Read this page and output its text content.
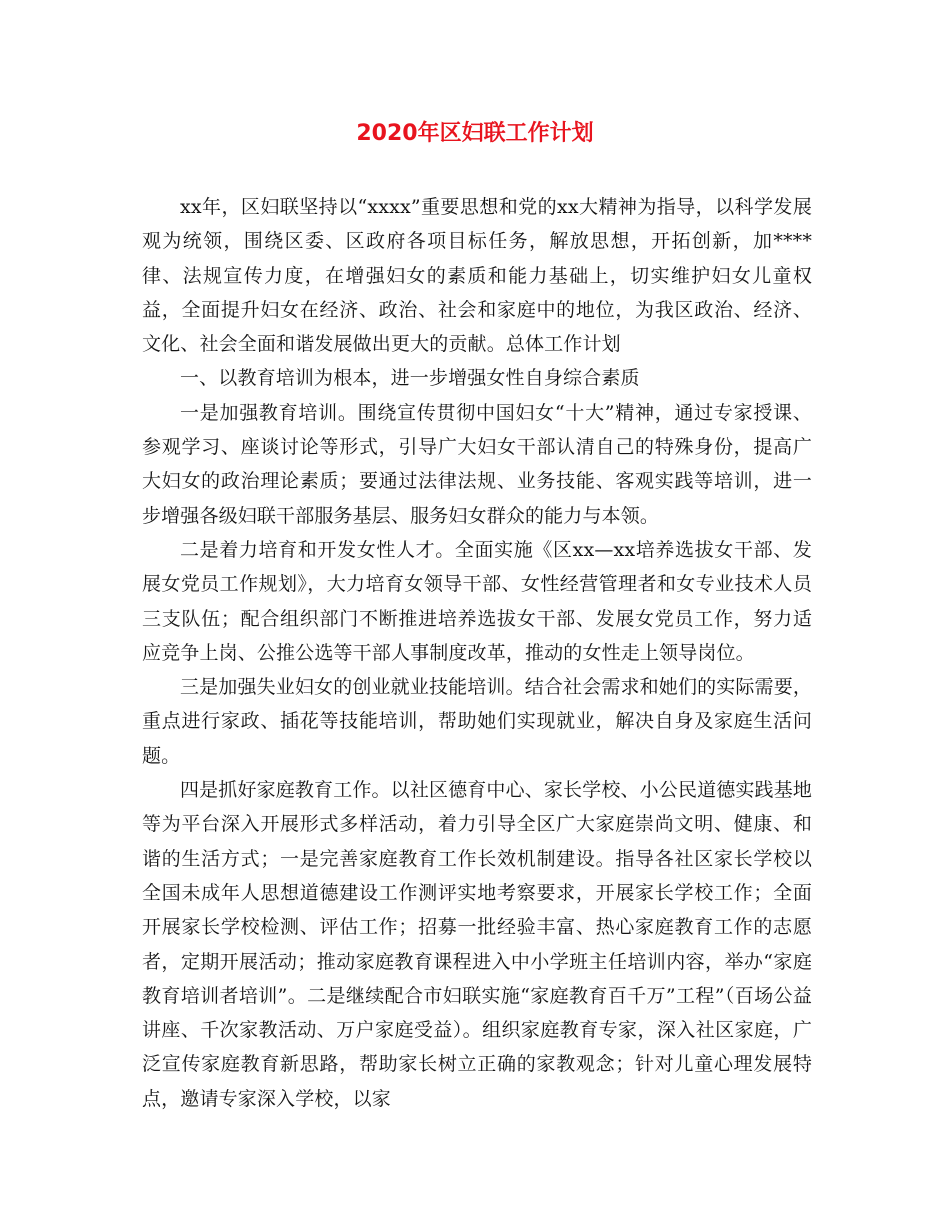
2020年区妇联工作计划

xx年，区妇联坚持以“xxxx”重要思想和党的xx大精神为指导，以科学发展观为统领，围绕区委、区政府各项目标任务，解放思想，开拓创新，加****律、法规宣传力度，在增强妇女的素质和能力基础上，切实维护妇女儿童权益，全面提升妇女在经济、政治、社会和家庭中的地位，为我区政治、经济、文化、社会全面和谐发展做出更大的贡献。总体工作计划

一、以教育培训为根本，进一步增强女性自身综合素质

一是加强教育培训。围绕宣传贯彻中国妇女“十大”精神，通过专家授课、参观学习、座谈讨论等形式，引导广大妇女干部认清自己的特殊身份，提高广大妇女的政治理论素质；要通过法律法规、业务技能、客观实践等培训，进一步增强各级妇联干部服务基层、服务妇女群众的能力与本领。

二是着力培育和开发女性人才。全面实施《区xx—xx培养选拔女干部、发展女党员工作规划》，大力培育女领导干部、女性经营管理者和女专业技术人员三支队伍；配合组织部门不断推进培养选拔女干部、发展女党员工作，努力适应竞争上岗、公推公选等干部人事制度改革，推动的女性走上领导岗位。

三是加强失业妇女的创业就业技能培训。结合社会需求和她们的实际需要，重点进行家政、插花等技能培训，帮助她们实现就业，解决自身及家庭生活问题。

四是抓好家庭教育工作。以社区德育中心、家长学校、小公民道德实践基地等为平台深入开展形式多样活动，着力引导全区广大家庭崇尚文明、健康、和谐的生活方式；一是完善家庭教育工作长效机制建设。指导各社区家长学校以全国未成年人思想道德建设工作测评实地考察要求，开展家长学校工作；全面开展家长学校检测、评估工作；招募一批经验丰富、热心家庭教育工作的志愿者，定期开展活动；推动家庭教育课程进入中小学班主任培训内容，举办“家庭教育培训者培训”。二是继续配合市妇联实施“家庭教育百千万”工程”（百场公益讲座、千次家教活动、万户家庭受益）。组织家庭教育专家，深入社区家庭，广泛宣传家庭教育新思路，帮助家长树立正确的家教观念；针对儿童心理发展特点，邀请专家深入学校，以家
